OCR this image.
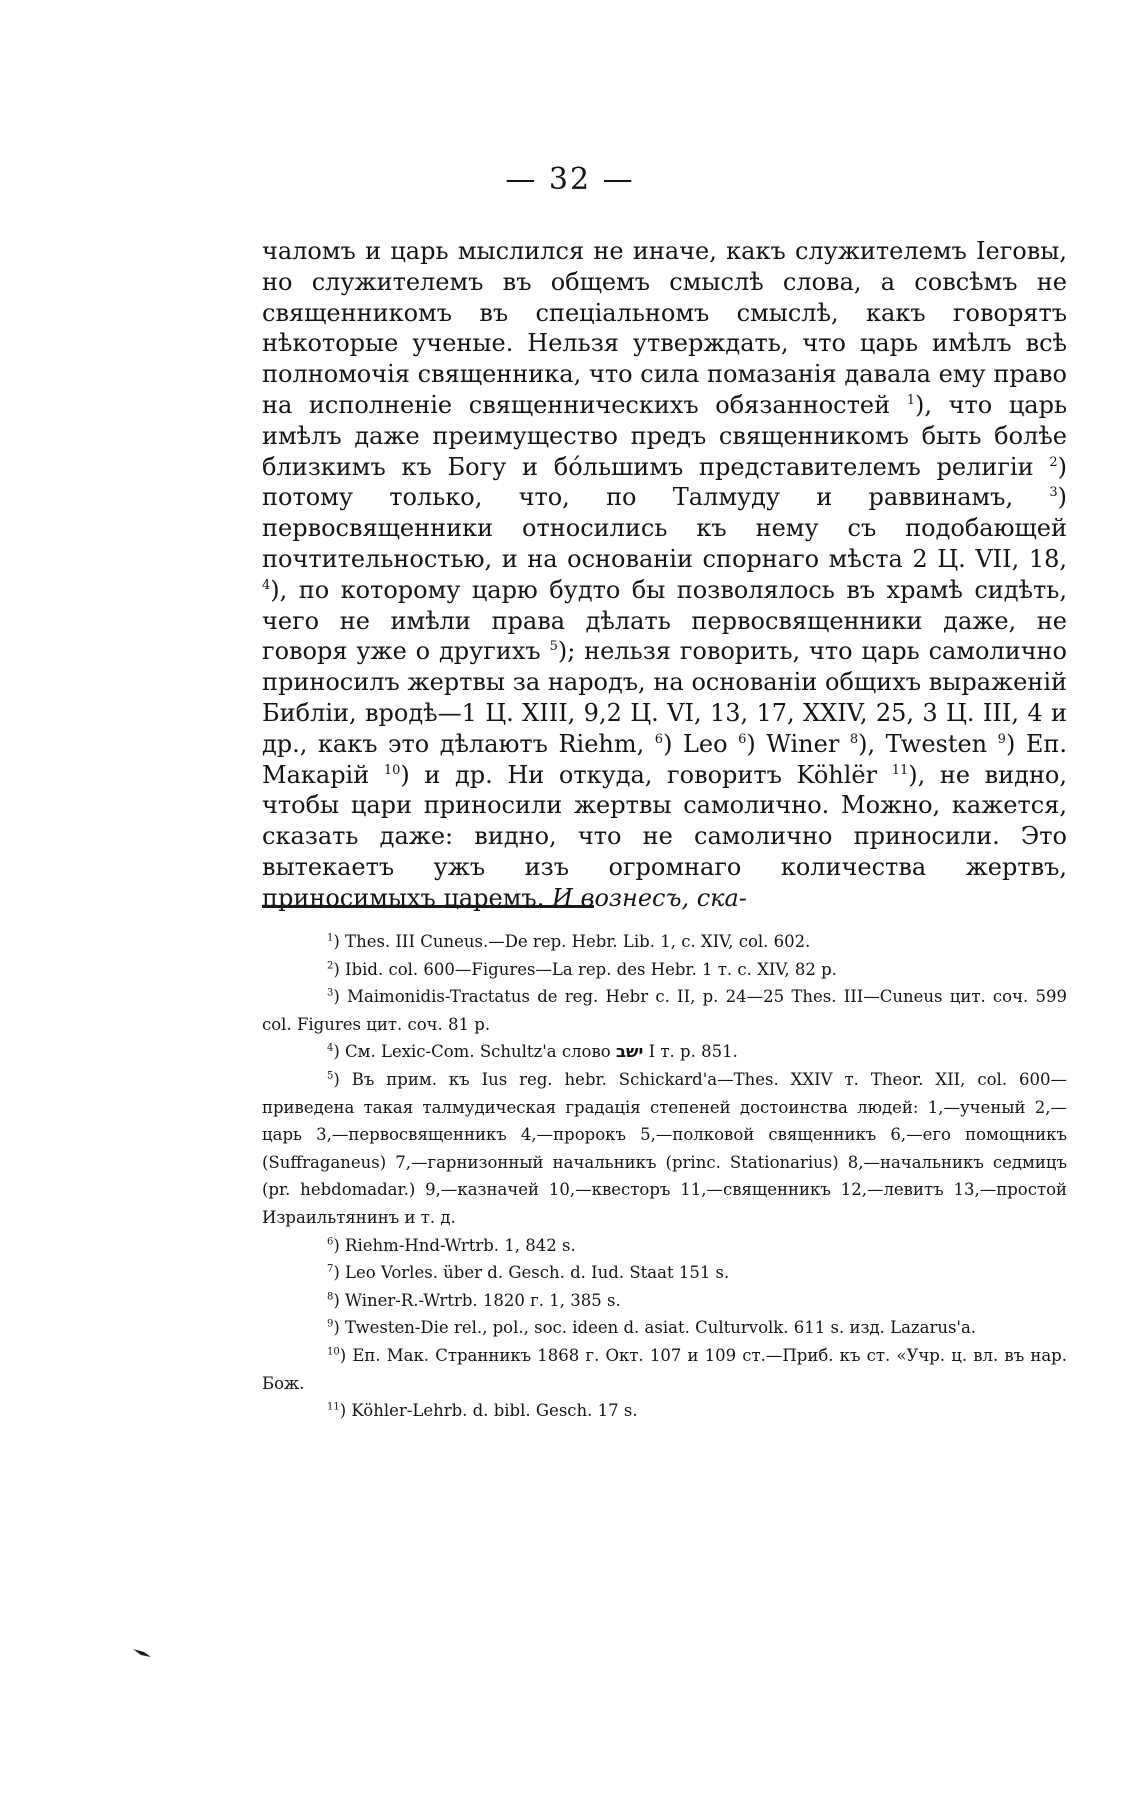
— 32 —

чаломъ и царь мыслился не иначе, какъ служителемъ Іеговы, но служителемъ въ общемъ смыслѣ слова, а совсѣмъ не священникомъ въ спеціальномъ смыслѣ, какъ говорятъ нѣкоторые ученые. Нельзя утверждать, что царь имѣлъ всѣ полномочія священника, что сила помазанія давала ему право на исполненіе священническихъ обязанностей $^1$), что царь имѣлъ даже преимущество предъ священникомъ быть болѣе близкимъ къ Богу и бо́льшимъ представителемъ религіи $^2$) потому только, что, по Талмуду и раввинамъ, $^3$) первосвященники относились къ нему съ подобающей почтительностью, и на основаніи спорнаго мѣста 2 Ц. VII, 18, $^4$), по которому царю будто бы позволялось въ храмѣ сидѣть, чего не имѣли права дѣлать первосвященники даже, не говоря уже о другихъ $^5$); нельзя говорить, что царь самолично приносилъ жертвы за народъ, на основаніи общихъ выраженій Библіи, вродѣ—1 Ц. XIII, 9,2 Ц. VI, 13, 17, XXIV, 25, 3 Ц. III, 4 и др., какъ это дѣлаютъ Riehm, $^6$) Leo $^6$) Winer $^8$), Twesten $^9$) Еп. Макарій $^{10}$) и др. Ни откуда, говоритъ Köhlër $^{11}$), не видно, чтобы цари приносили жертвы самолично. Можно, кажется, сказать даже: видно, что не самолично приносили. Это вытекаетъ ужъ изъ огромнаго количества жертвъ, приносимыхъ царемъ. И вознесъ, ска-

$^1$) Thes. III Cuneus.—De rep. Hebr. Lib. 1, c. XIV, col. 602.

$^2$) Ibid. col. 600—Figures—La rep. des Hebr. 1 т. c. XIV, 82 p.

$^3$) Maimonidis-Tractatus de reg. Hebr c. II, p. 24—25 Thes. III—Cuneus цит. соч. 599 col. Figures цит. соч. 81 p.

$^4$) См. Lexic-Com. Schultz'a слово ישב I т. p. 851.

$^5$) Въ прим. къ Ius reg. hebr. Schickard'a—Thes. XXIV т. Theor. XII, col. 600—приведена такая талмудическая градація степеней достоинства людей: 1,—ученый 2,—царь 3,—первосвященникъ 4,—пророкъ 5,—полковой священникъ 6,—его помощникъ (Suffraganeus) 7,—гарнизонный начальникъ (princ. Stationarius) 8,—начальникъ седмицъ (pr. hebdomadar.) 9,—казначей 10,—квесторъ 11,—священникъ 12,—левитъ 13,—простой Израильтянинъ и т. д.

$^6$) Riehm-Hnd-Wrtrb. 1, 842 s.

$^7$) Leo Vorles. über d. Gesch. d. Iud. Staat 151 s.

$^8$) Winer-R.-Wrtrb. 1820 г. 1, 385 s.

$^9$) Twesten-Die rel., pol., soc. ideen d. asiat. Culturvolk. 611 s. изд. Lazarus'a.

$^{10}$) Еп. Мак. Странникъ 1868 г. Окт. 107 и 109 ст.—Приб. къ ст. «Учр. ц. вл. въ нар. Бож.

$^{11}$) Köhler-Lehrb. d. bibl. Gesch. 17 s.
